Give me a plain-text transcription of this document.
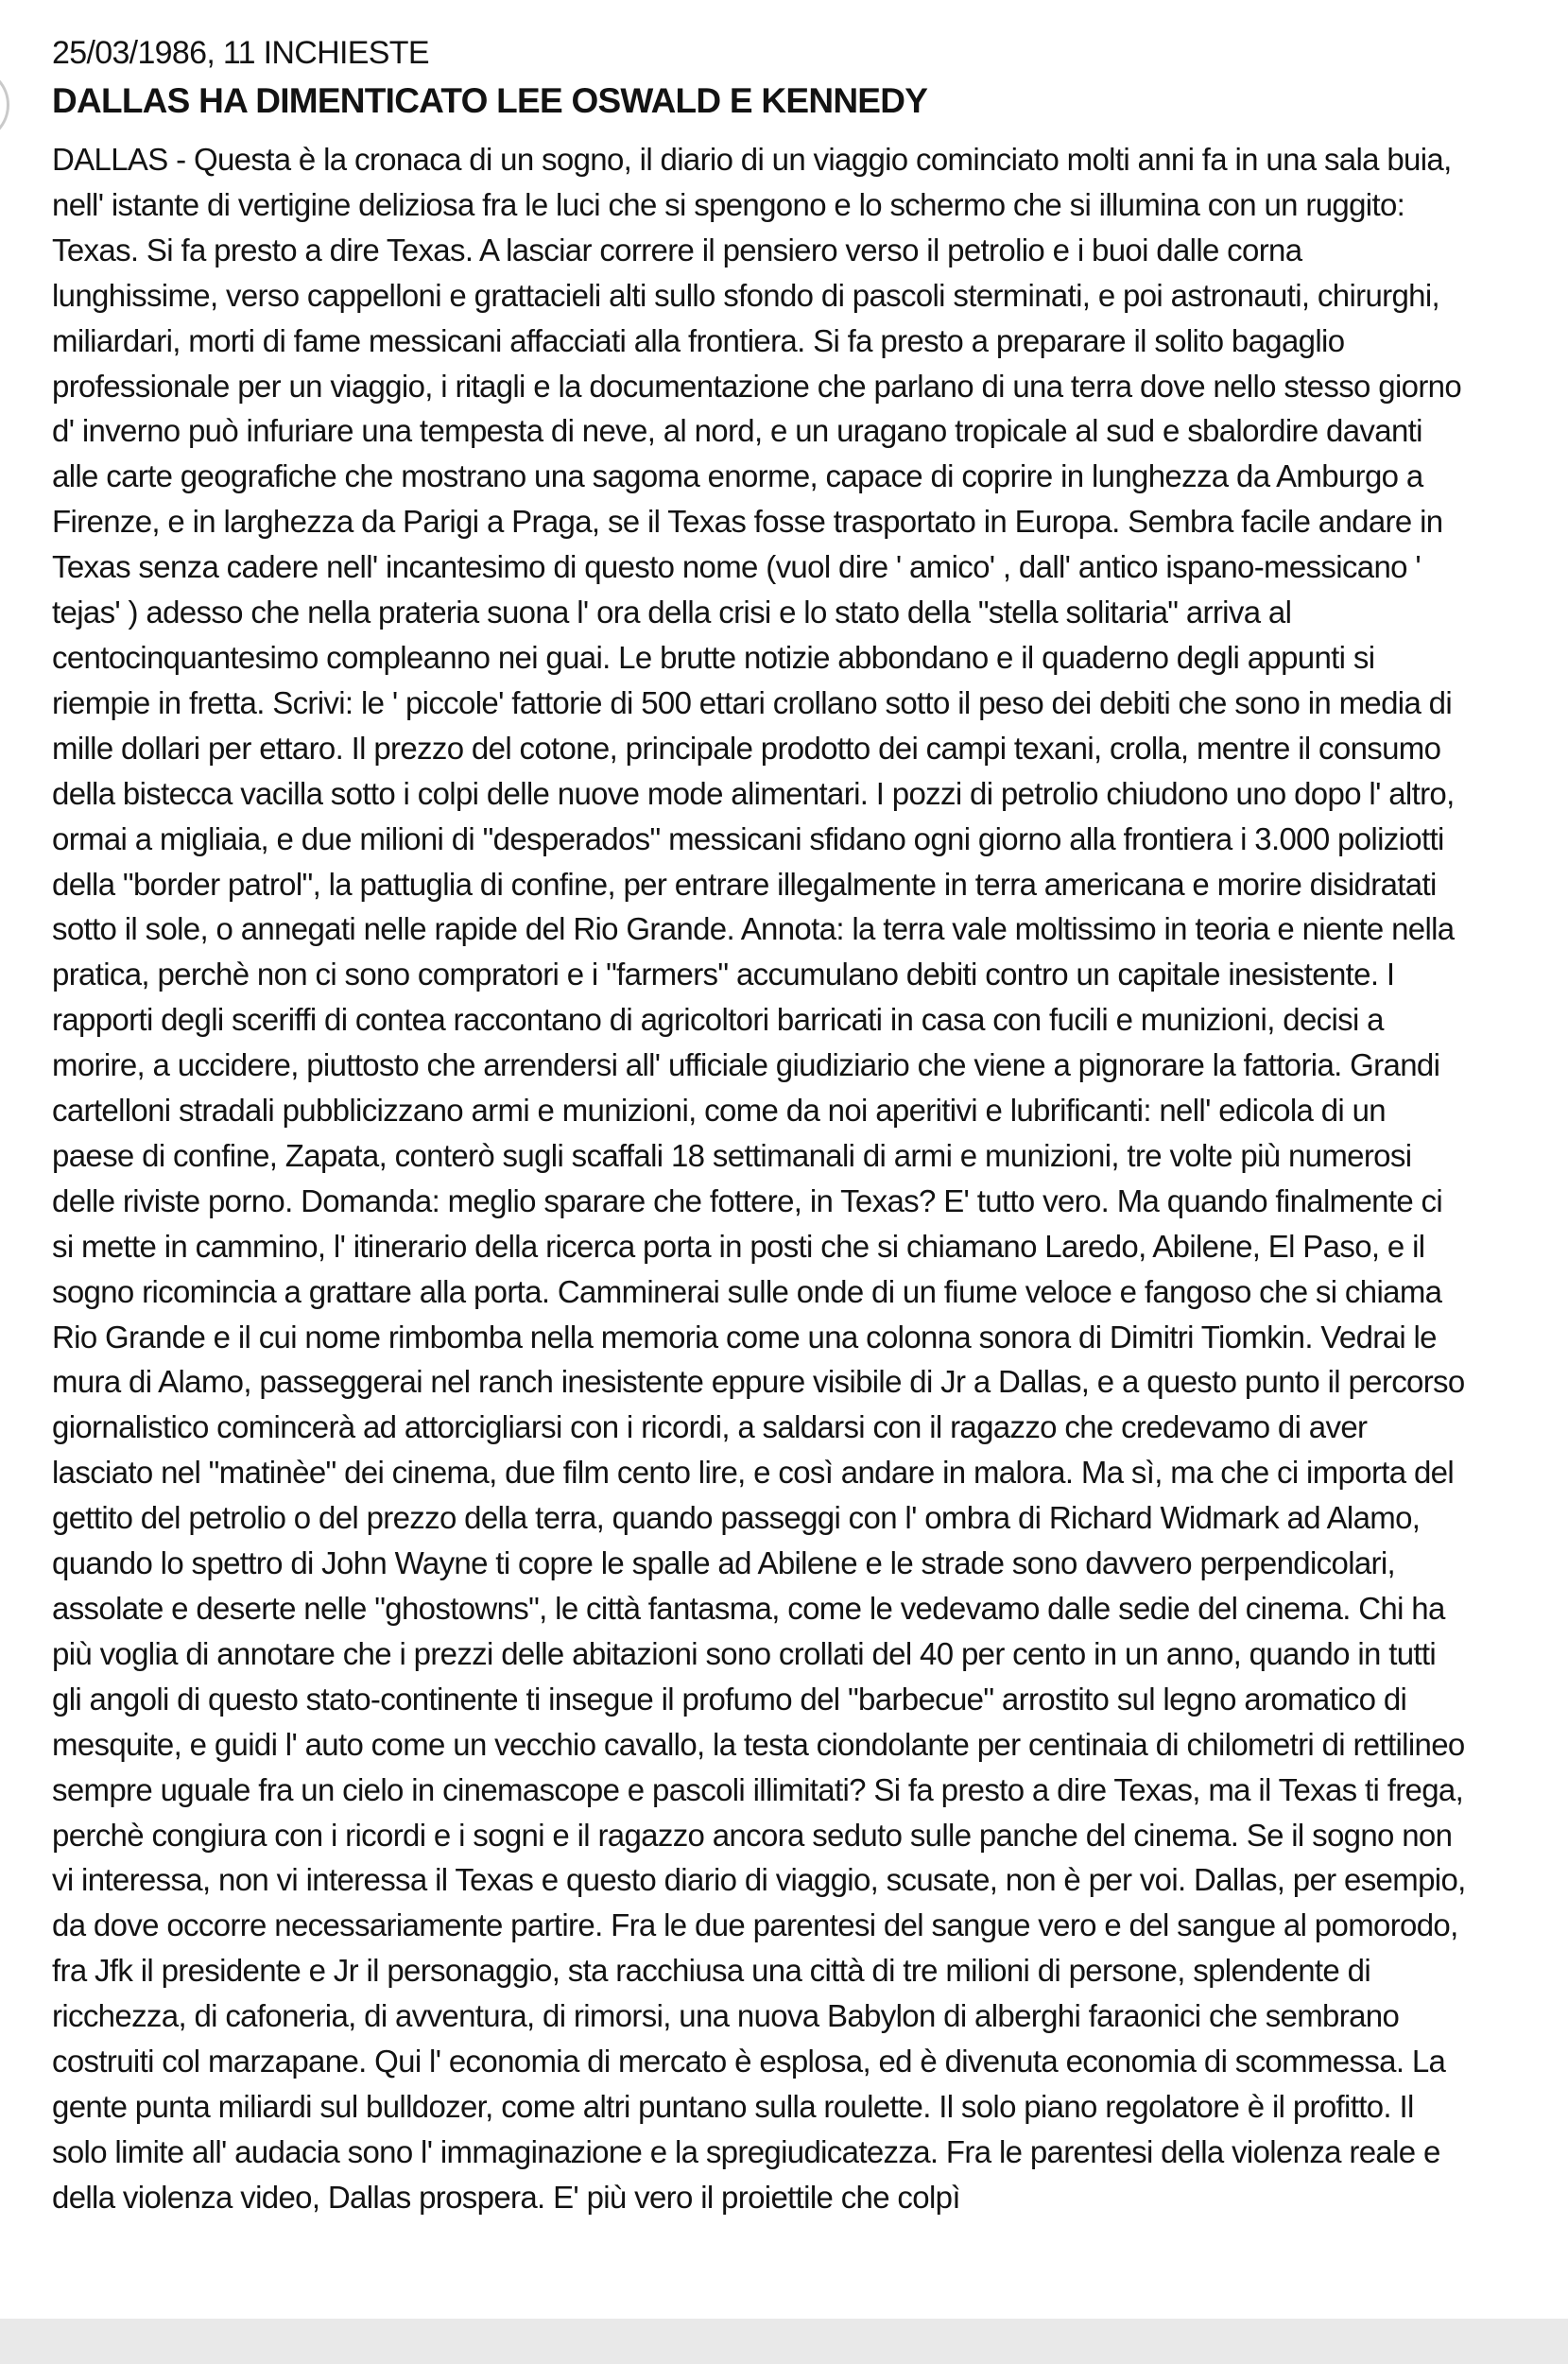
25/03/1986, 11 INCHIESTE
DALLAS HA DIMENTICATO LEE OSWALD E KENNEDY

DALLAS - Questa è la cronaca di un sogno, il diario di un viaggio cominciato molti anni fa in una sala buia, nell' istante di vertigine deliziosa fra le luci che si spengono e lo schermo che si illumina con un ruggito: Texas. Si fa presto a dire Texas. A lasciar correre il pensiero verso il petrolio e i buoi dalle corna lunghissime, verso cappelloni e grattacieli alti sullo sfondo di pascoli sterminati, e poi astronauti, chirurghi, miliardari, morti di fame messicani affacciati alla frontiera. Si fa presto a preparare il solito bagaglio professionale per un viaggio, i ritagli e la documentazione che parlano di una terra dove nello stesso giorno d' inverno può infuriare una tempesta di neve, al nord, e un uragano tropicale al sud e sbalordire davanti alle carte geografiche che mostrano una sagoma enorme, capace di coprire in lunghezza da Amburgo a Firenze, e in larghezza da Parigi a Praga, se il Texas fosse trasportato in Europa. Sembra facile andare in Texas senza cadere nell' incantesimo di questo nome (vuol dire ' amico' , dall' antico ispano-messicano ' tejas' ) adesso che nella prateria suona l' ora della crisi e lo stato della "stella solitaria" arriva al centocinquantesimo compleanno nei guai. Le brutte notizie abbondano e il quaderno degli appunti si riempie in fretta. Scrivi: le ' piccole' fattorie di 500 ettari crollano sotto il peso dei debiti che sono in media di mille dollari per ettaro. Il prezzo del cotone, principale prodotto dei campi texani, crolla, mentre il consumo della bistecca vacilla sotto i colpi delle nuove mode alimentari. I pozzi di petrolio chiudono uno dopo l' altro, ormai a migliaia, e due milioni di "desperados" messicani sfidano ogni giorno alla frontiera i 3.000 poliziotti della "border patrol", la pattuglia di confine, per entrare illegalmente in terra americana e morire disidratati sotto il sole, o annegati nelle rapide del Rio Grande. Annota: la terra vale moltissimo in teoria e niente nella pratica, perchè non ci sono compratori e i "farmers" accumulano debiti contro un capitale inesistente. I rapporti degli sceriffi di contea raccontano di agricoltori barricati in casa con fucili e munizioni, decisi a morire, a uccidere, piuttosto che arrendersi all' ufficiale giudiziario che viene a pignorare la fattoria. Grandi cartelloni stradali pubblicizzano armi e munizioni, come da noi aperitivi e lubrificanti: nell' edicola di un paese di confine, Zapata, conterò sugli scaffali 18 settimanali di armi e munizioni, tre volte più numerosi delle riviste porno. Domanda: meglio sparare che fottere, in Texas? E' tutto vero. Ma quando finalmente ci si mette in cammino, l' itinerario della ricerca porta in posti che si chiamano Laredo, Abilene, El Paso, e il sogno ricomincia a grattare alla porta. Camminerai sulle onde di un fiume veloce e fangoso che si chiama Rio Grande e il cui nome rimbomba nella memoria come una colonna sonora di Dimitri Tiomkin. Vedrai le mura di Alamo, passeggerai nel ranch inesistente eppure visibile di Jr a Dallas, e a questo punto il percorso giornalistico comincerà ad attorcigliarsi con i ricordi, a saldarsi con il ragazzo che credevamo di aver lasciato nel "matinèe" dei cinema, due film cento lire, e così andare in malora. Ma sì, ma che ci importa del gettito del petrolio o del prezzo della terra, quando passeggi con l' ombra di Richard Widmark ad Alamo, quando lo spettro di John Wayne ti copre le spalle ad Abilene e le strade sono davvero perpendicolari, assolate e deserte nelle "ghostowns", le città fantasma, come le vedevamo dalle sedie del cinema. Chi ha più voglia di annotare che i prezzi delle abitazioni sono crollati del 40 per cento in un anno, quando in tutti gli angoli di questo stato-continente ti insegue il profumo del "barbecue" arrostito sul legno aromatico di mesquite, e guidi l' auto come un vecchio cavallo, la testa ciondolante per centinaia di chilometri di rettilineo sempre uguale fra un cielo in cinemascope e pascoli illimitati? Si fa presto a dire Texas, ma il Texas ti frega, perchè congiura con i ricordi e i sogni e il ragazzo ancora seduto sulle panche del cinema. Se il sogno non vi interessa, non vi interessa il Texas e questo diario di viaggio, scusate, non è per voi. Dallas, per esempio, da dove occorre necessariamente partire. Fra le due parentesi del sangue vero e del sangue al pomorodo, fra Jfk il presidente e Jr il personaggio, sta racchiusa una città di tre milioni di persone, splendente di ricchezza, di cafoneria, di avventura, di rimorsi, una nuova Babylon di alberghi faraonici che sembrano costruiti col marzapane. Qui l' economia di mercato è esplosa, ed è divenuta economia di scommessa. La gente punta miliardi sul bulldozer, come altri puntano sulla roulette. Il solo piano regolatore è il profitto. Il solo limite all' audacia sono l' immaginazione e la spregiudicatezza. Fra le parentesi della violenza reale e della violenza video, Dallas prospera. E' più vero il proiettile che colpì
